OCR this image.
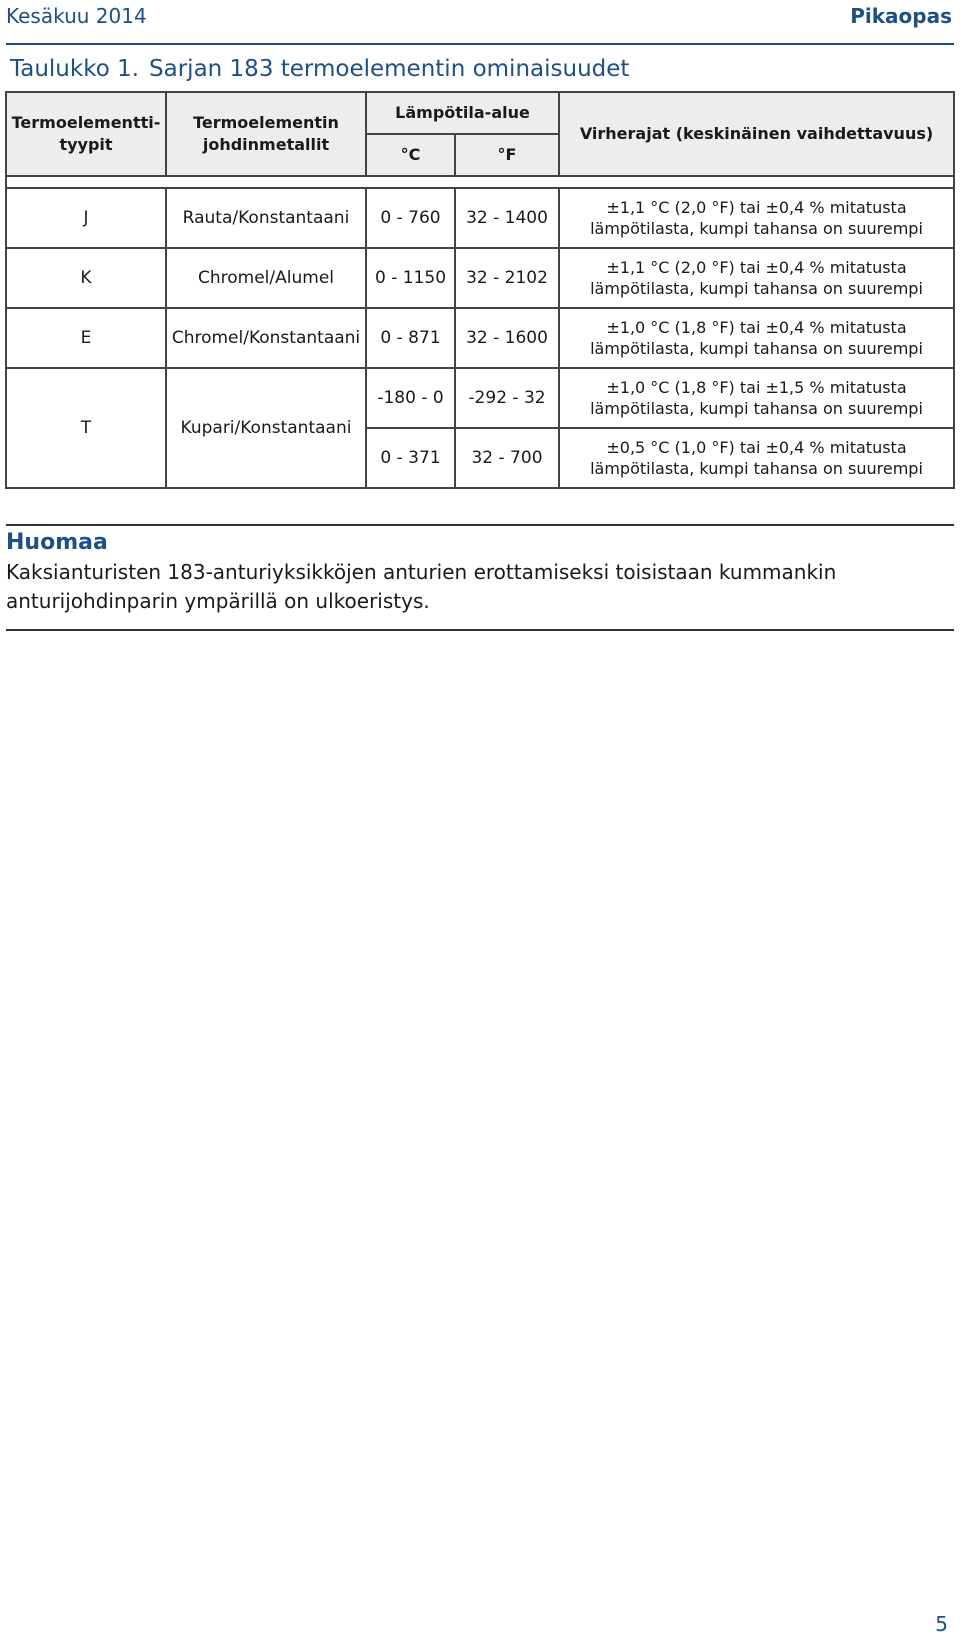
Kesäkuu 2014	Pikaopas
Taulukko 1. Sarjan 183 termoelementin ominaisuudet
Termoelementti-tyypit	Termoelementin johdinmetallit	Lämpötila-alue		Virherajat (keskinäinen vaihdettavuus)
		°C	°F	

J	Rauta/Konstantaani	0 - 760	32 - 1400	±1,1 °C (2,0 °F) tai ±0,4 % mitatusta lämpötilasta, kumpi tahansa on suurempi
K	Chromel/Alumel	0 - 1150	32 - 2102	±1,1 °C (2,0 °F) tai ±0,4 % mitatusta lämpötilasta, kumpi tahansa on suurempi
E	Chromel/Konstantaani	0 - 871	32 - 1600	±1,0 °C (1,8 °F) tai ±0,4 % mitatusta lämpötilasta, kumpi tahansa on suurempi
T	Kupari/Konstantaani	-180 - 0	-292 - 32	±1,0 °C (1,8 °F) tai ±1,5 % mitatusta lämpötilasta, kumpi tahansa on suurempi
		0 - 371	32 - 700	±0,5 °C (1,0 °F) tai ±0,4 % mitatusta lämpötilasta, kumpi tahansa on suurempi
Huomaa
Kaksianturisten 183-anturiyksikköjen anturien erottamiseksi toisistaan kummankin anturijohdinparin ympärillä on ulkoeristys.
5
